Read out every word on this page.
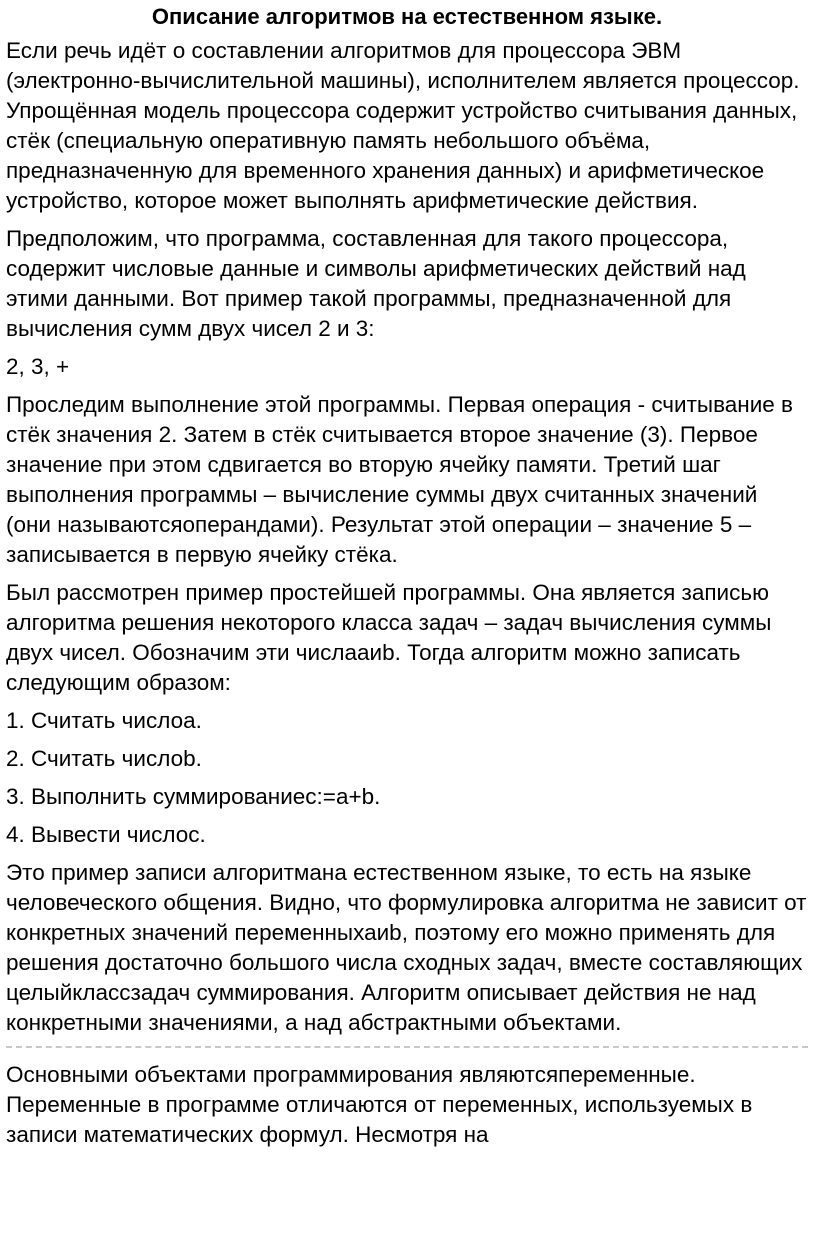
Описание алгоритмов на естественном языке.

Если речь идёт о составлении алгоритмов для процессора ЭВМ (электронно-вычислительной машины), исполнителем является процессор. Упрощённая модель процессора содержит устройство считывания данных, стёк (специальную оперативную память небольшого объёма, предназначенную для временного хранения данных) и арифметическое устройство, которое может выполнять арифметические действия.

Предположим, что программа, составленная для такого процессора, содержит числовые данные и символы арифметических действий над этими данными. Вот пример такой программы, предназначенной для вычисления сумм двух чисел 2 и 3:

2, 3, +

Проследим выполнение этой программы. Первая операция - считывание в стёк значения 2. Затем в стёк считывается второе значение (3). Первое значение при этом сдвигается во вторую ячейку памяти. Третий шаг выполнения программы – вычисление суммы двух считанных значений (они называютсяоперандами). Результат этой операции – значение 5 – записывается в первую ячейку стёка.

Был рассмотрен пример простейшей программы. Она является записью алгоритма решения некоторого класса задач – задач вычисления суммы двух чисел. Обозначим эти числааиb. Тогда алгоритм можно записать следующим образом:

1. Считать числоа.

2. Считать числоb.

3. Выполнить суммированиес:=a+b.

4. Вывести числос.

Это пример записи алгоритмана естественном языке, то есть на языке человеческого общения. Видно, что формулировка алгоритма не зависит от конкретных значений переменныхаиb, поэтому его можно применять для решения достаточно большого числа сходных задач, вместе составляющих целыйклассзадач суммирования. Алгоритм описывает действия не над конкретными значениями, а над абстрактными объектами.

Основными объектами программирования являютсяпеременные. Переменные в программе отличаются от переменных, используемых в записи математических формул. Несмотря на
